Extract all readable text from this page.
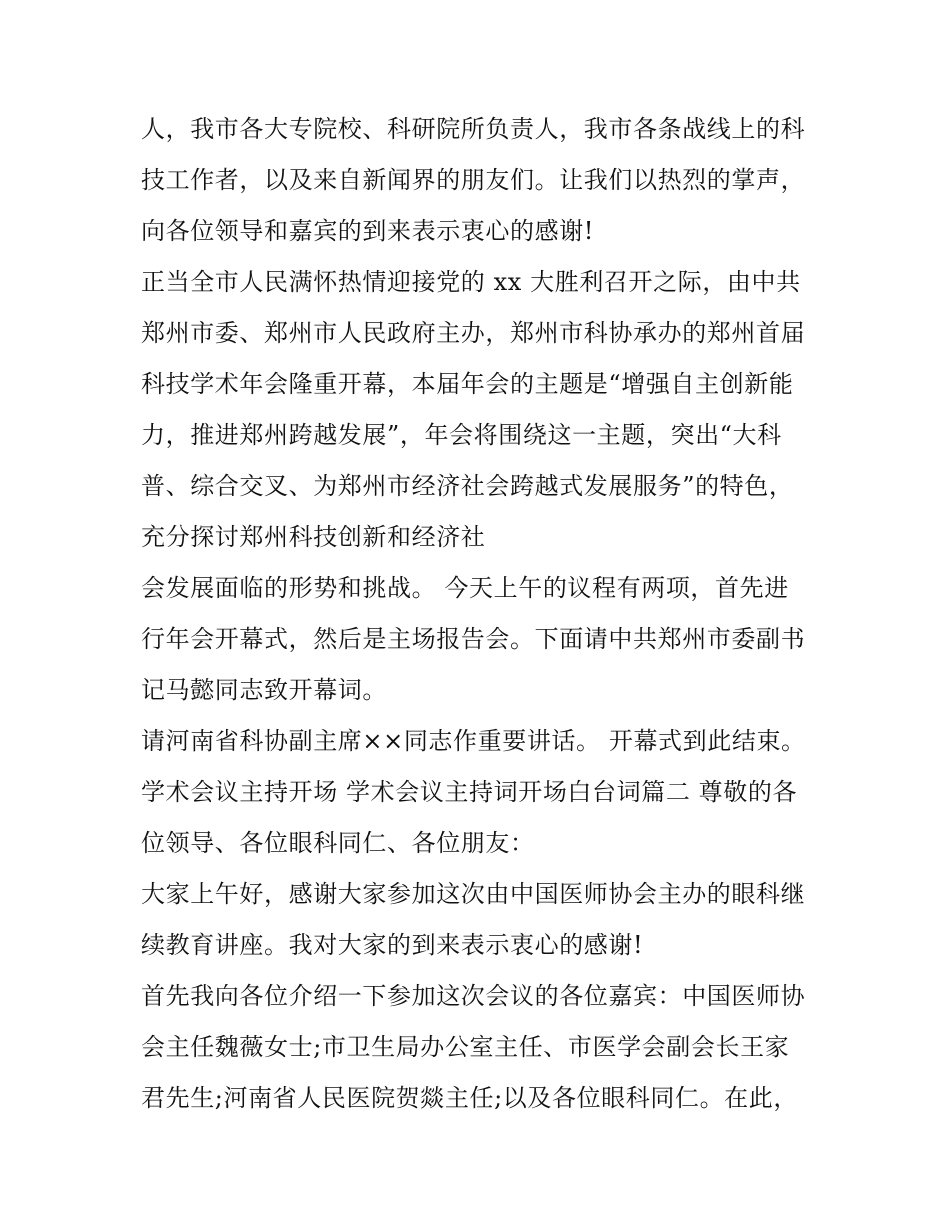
人，我市各大专院校、科研院所负责人，我市各条战线上的科
技工作者，以及来自新闻界的朋友们。让我们以热烈的掌声，
向各位领导和嘉宾的到来表示衷心的感谢!
正当全市人民满怀热情迎接党的 xx 大胜利召开之际，由中共
郑州市委、郑州市人民政府主办，郑州市科协承办的郑州首届
科技学术年会隆重开幕，本届年会的主题是“增强自主创新能
力，推进郑州跨越发展”，年会将围绕这一主题，突出“大科
普、综合交叉、为郑州市经济社会跨越式发展服务”的特色，
充分探讨郑州科技创新和经济社
会发展面临的形势和挑战。 今天上午的议程有两项，首先进
行年会开幕式，然后是主场报告会。下面请中共郑州市委副书
记马懿同志致开幕词。
请河南省科协副主席××同志作重要讲话。 开幕式到此结束。
学术会议主持开场 学术会议主持词开场白台词篇二 尊敬的各
位领导、各位眼科同仁、各位朋友：
大家上午好，感谢大家参加这次由中国医师协会主办的眼科继
续教育讲座。我对大家的到来表示衷心的感谢!
首先我向各位介绍一下参加这次会议的各位嘉宾：中国医师协
会主任魏薇女士;市卫生局办公室主任、市医学会副会长王家
君先生;河南省人民医院贺燚主任;以及各位眼科同仁。在此，
